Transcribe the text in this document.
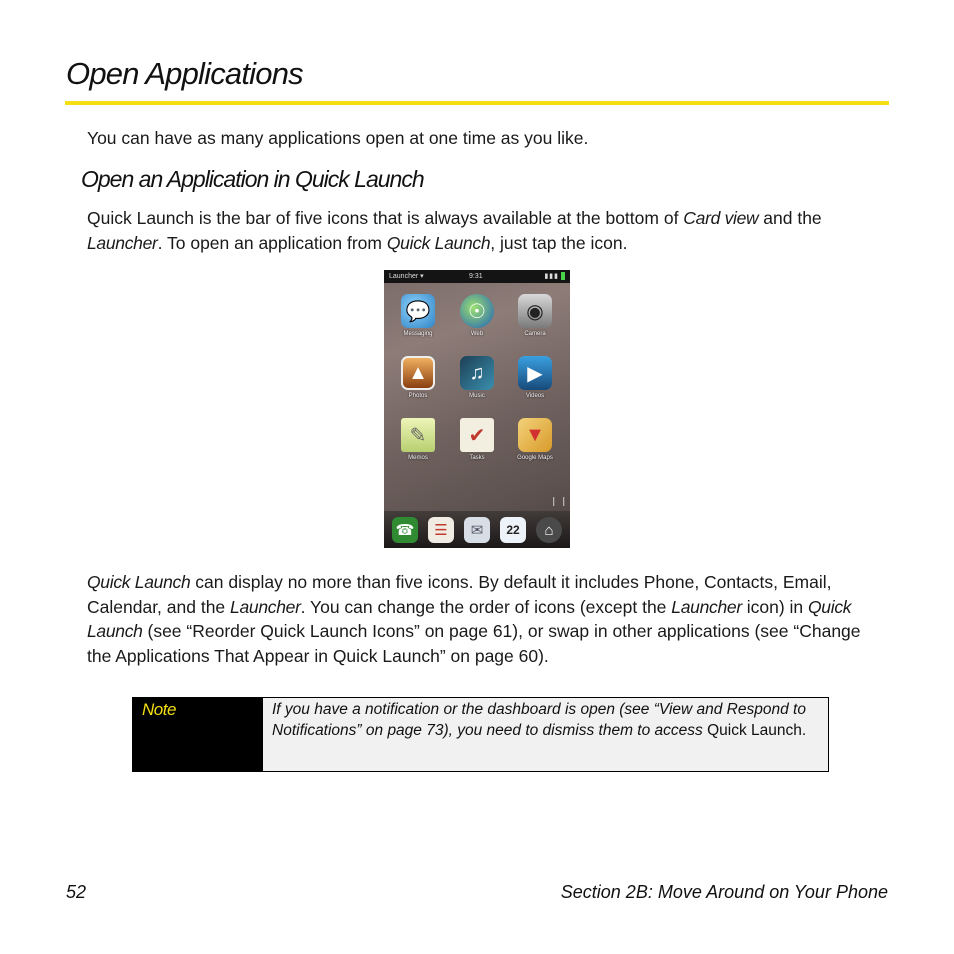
Open Applications
You can have as many applications open at one time as you like.
Open an Application in Quick Launch
Quick Launch is the bar of five icons that is always available at the bottom of Card view and the Launcher. To open an application from Quick Launch, just tap the icon.
Launcher ▾	9:31	▮▮▮
💬
Messaging
☉
Web
◉
Camera
▲
Photos
♫
Music
▶
Videos
✎
Memos
✔
Tasks
▼
Google Maps
❘ ❘
☎	☰	✉	22	⌂
Quick Launch can display no more than five icons. By default it includes Phone, Contacts, Email, Calendar, and the Launcher. You can change the order of icons (except the Launcher icon) in Quick Launch (see “Reorder Quick Launch Icons” on page 61), or swap in other applications (see “Change the Applications That Appear in Quick Launch” on page 60).
Note	If you have a notification or the dashboard is open (see “View and Respond to Notifications” on page 73), you need to dismiss them to access Quick Launch.
52	Section 2B: Move Around on Your Phone
